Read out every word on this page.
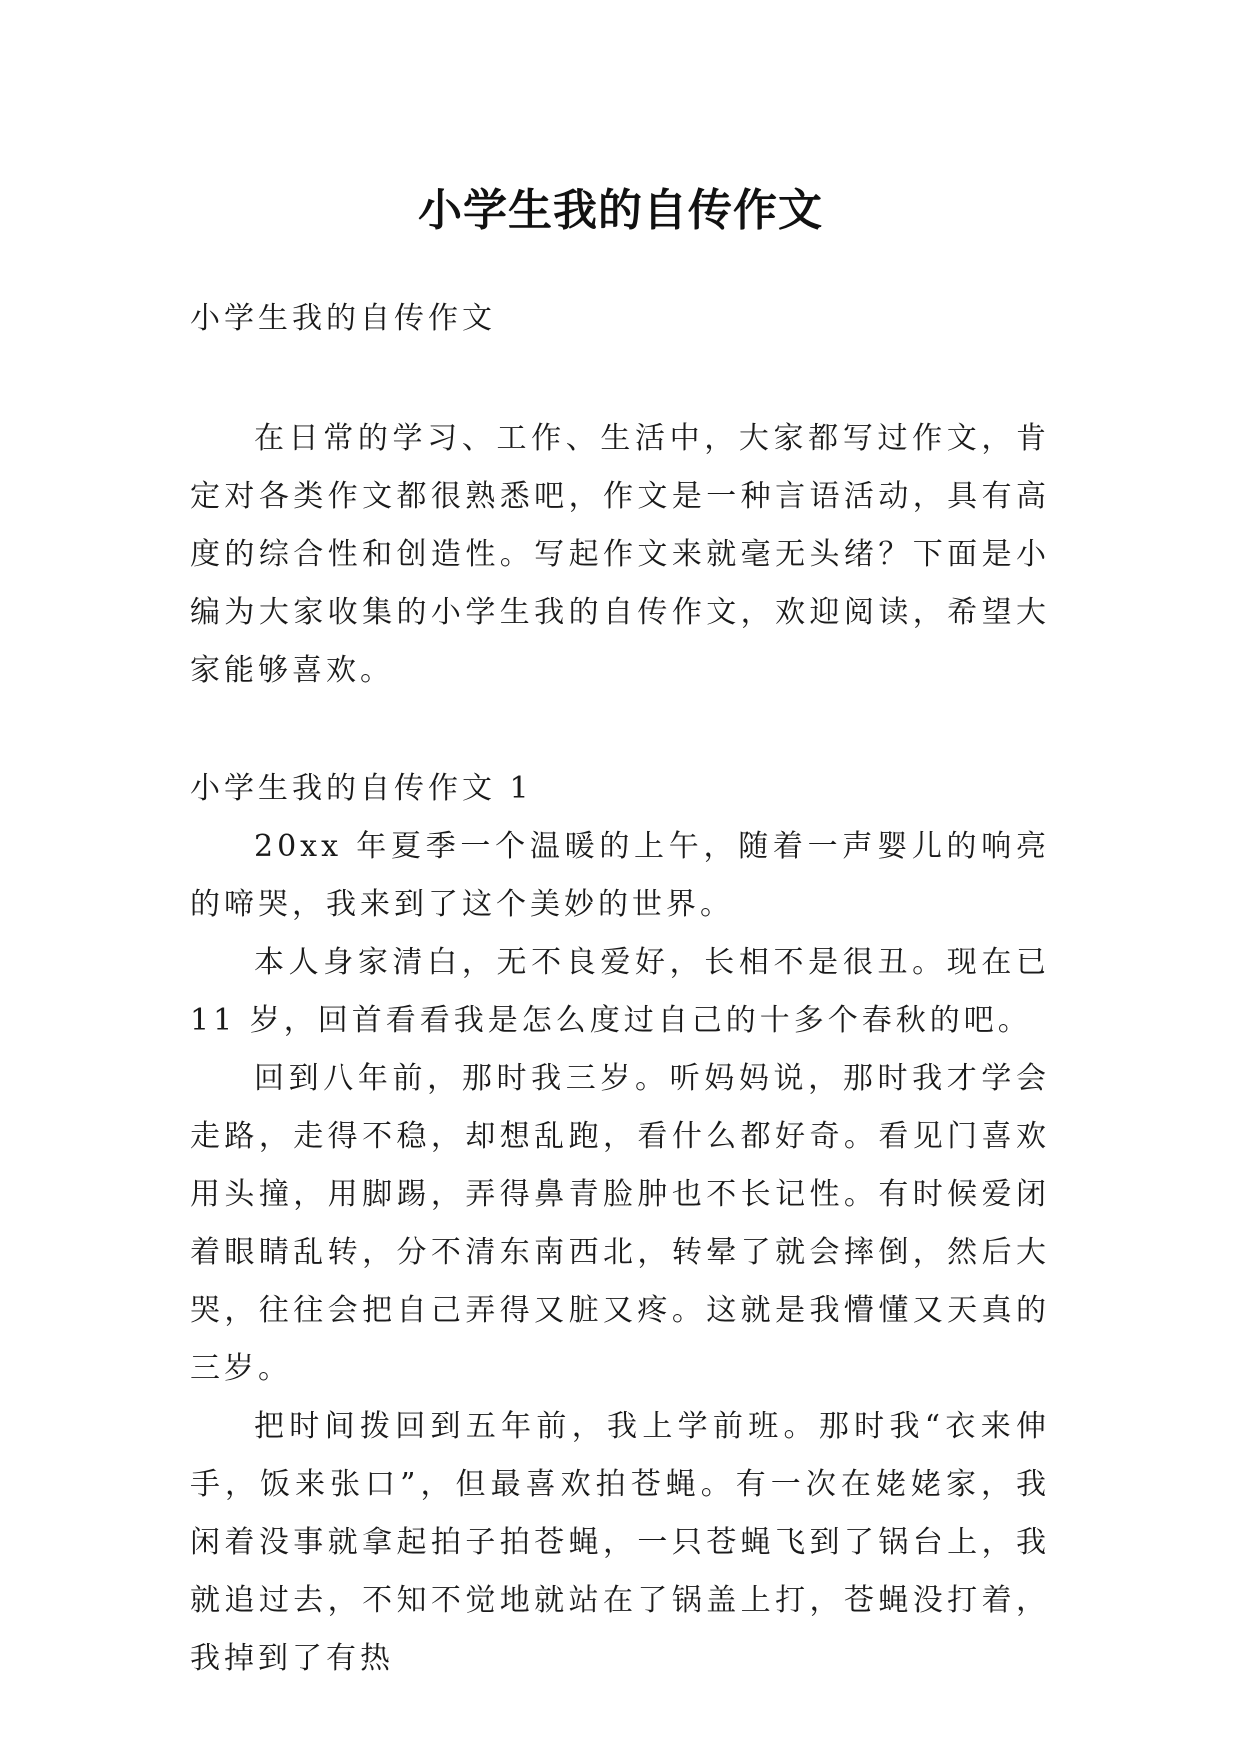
小学生我的自传作文

小学生我的自传作文

在日常的学习、工作、生活中，大家都写过作文，肯定对各类作文都很熟悉吧，作文是一种言语活动，具有高度的综合性和创造性。写起作文来就毫无头绪？下面是小编为大家收集的小学生我的自传作文，欢迎阅读，希望大家能够喜欢。

小学生我的自传作文 1

20xx 年夏季一个温暖的上午，随着一声婴儿的响亮的啼哭，我来到了这个美妙的世界。

本人身家清白，无不良爱好，长相不是很丑。现在已 11 岁，回首看看我是怎么度过自己的十多个春秋的吧。

回到八年前，那时我三岁。听妈妈说，那时我才学会走路，走得不稳，却想乱跑，看什么都好奇。看见门喜欢用头撞，用脚踢，弄得鼻青脸肿也不长记性。有时候爱闭着眼睛乱转，分不清东南西北，转晕了就会摔倒，然后大哭，往往会把自己弄得又脏又疼。这就是我懵懂又天真的三岁。

把时间拨回到五年前，我上学前班。那时我“衣来伸手，饭来张口”，但最喜欢拍苍蝇。有一次在姥姥家，我闲着没事就拿起拍子拍苍蝇，一只苍蝇飞到了锅台上，我就追过去，不知不觉地就站在了锅盖上打，苍蝇没打着，我掉到了有热
